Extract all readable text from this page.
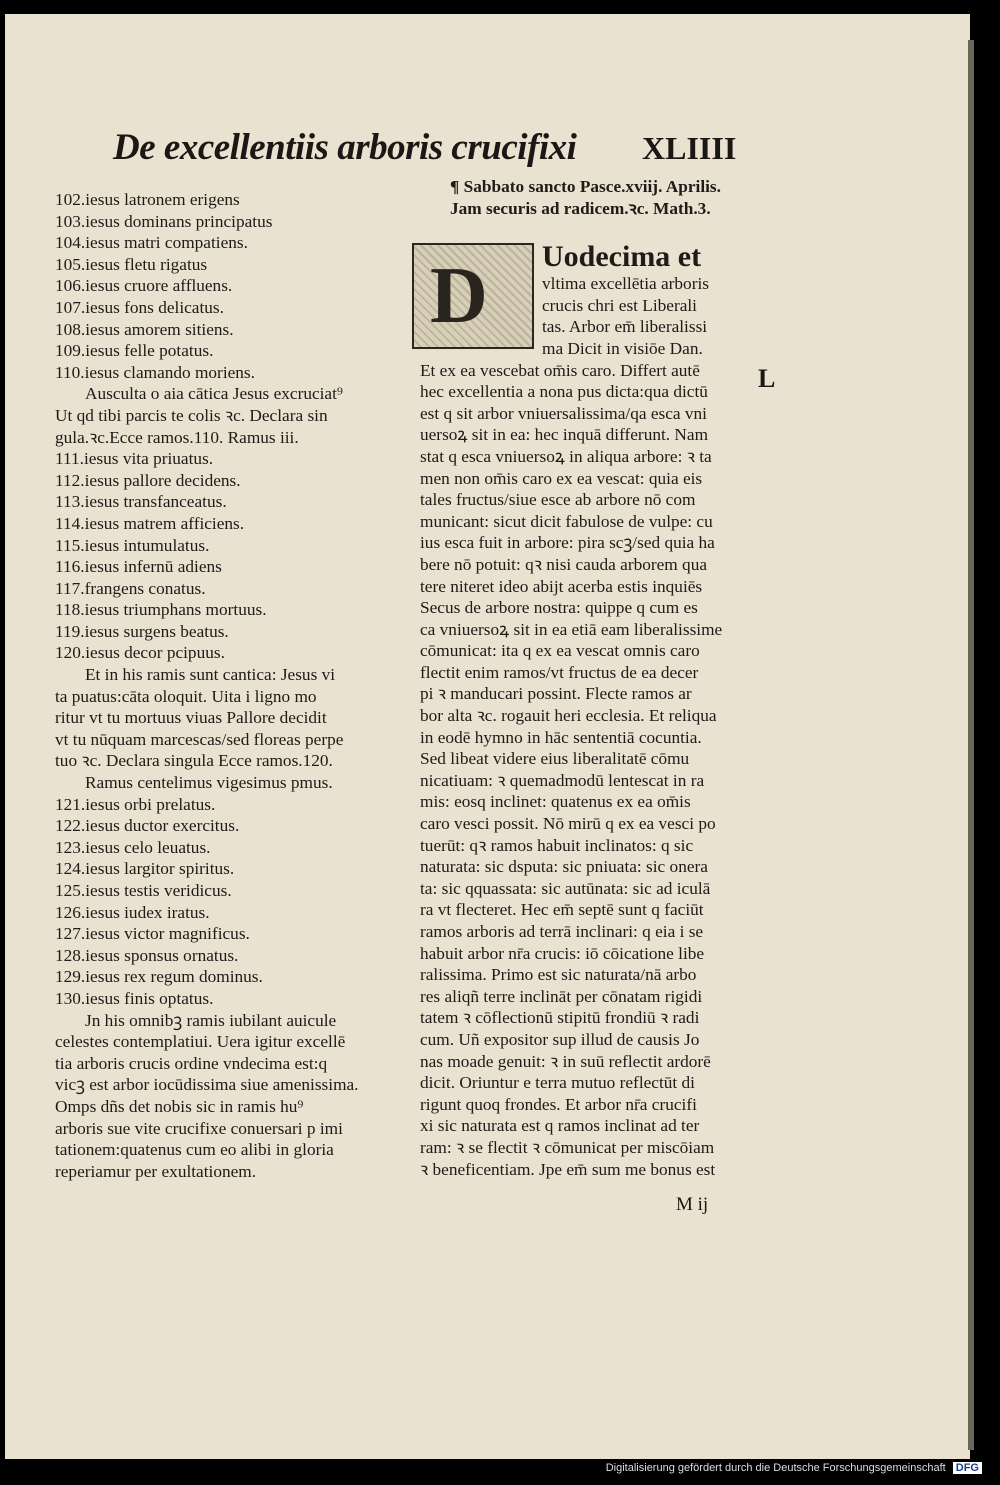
De excellentiis arboris crucifixi XLIIII
102.iesus latronem erigens
103.iesus dominans principatus
104.iesus matri compatiens.
105.iesus fletu rigatus
106.iesus cruore affluens.
107.iesus fons delicatus.
108.iesus amorem sitiens.
109.iesus felle potatus.
110.iesus clamando moriens.
Ausculta o aia cātica Jesus excruciat⁹
Ut qd tibi parcis te colis ꝛc. Declara sin
gula.ꝛc.Ecce ramos.110. Ramus iii.
111.iesus vita priuatus.
112.iesus pallore decidens.
113.iesus transfanceatus.
114.iesus matrem afficiens.
115.iesus intumulatus.
116.iesus infernū adiens
117.frangens conatus.
118.iesus triumphans mortuus.
119.iesus surgens beatus.
120.iesus decor pcipuus.
Et in his ramis sunt cantica: Jesus vi
ta puatus:cāta oloquit. Uita i ligno mo
ritur vt tu mortuus viuas Pallore decidit
vt tu nūquam marcescas/sed floreas perpe
tuo ꝛc. Declara singula Ecce ramos.120.
Ramus centelimus vigesimus pmus.
121.iesus orbi prelatus.
122.iesus ductor exercitus.
123.iesus celo leuatus.
124.iesus largitor spiritus.
125.iesus testis veridicus.
126.iesus iudex iratus.
127.iesus victor magnificus.
128.iesus sponsus ornatus.
129.iesus rex regum dominus.
130.iesus finis optatus.
Jn his omnibꝫ ramis iubilant auicule
celestes contemplatiui. Uera igitur excellē
tia arboris crucis ordine vndecima est:q
vicꝫ est arbor iocūdissima siue amenissima.
Omps dñs det nobis sic in ramis hu⁹
arboris sue vite crucifixe conuersari p imi
tationem:quatenus cum eo alibi in gloria
reperiamur per exultationem.
¶ Sabbato sancto Pasce.xviij. Aprilis.
Jam securis ad radicem.ꝛc. Math.3.
D	Uodecima et
vltima excellētia arboris
crucis chri est Liberali
tas. Arbor em̄ liberalissi
ma Dicit in visiōe Dan.
Et ex ea vescebat om̄is caro. Differt autē
hec excellentia a nona pus dicta:qua dictū
est q sit arbor vniuersalissima/qa esca vni
uersoꝝ sit in ea: hec inquā differunt. Nam
stat q esca vniuersoꝝ in aliqua arbore: ꝛ ta
men non om̄is caro ex ea vescat: quia eis
tales fructus/siue esce ab arbore nō com
municant: sicut dicit fabulose de vulpe: cu
ius esca fuit in arbore: pira scꝫ/sed quia ha
bere nō potuit: qꝛ nisi cauda arborem qua
tere niteret ideo abijt acerba estis inquiēs
Secus de arbore nostra: quippe q cum es
ca vniuersoꝝ sit in ea etiā eam liberalissime
cōmunicat: ita q ex ea vescat omnis caro
flectit enim ramos/vt fructus de ea decer
pi ꝛ manducari possint. Flecte ramos ar
bor alta ꝛc. rogauit heri ecclesia. Et reliqua
in eodē hymno in hāc sententiā cocuntia.
Sed libeat videre eius liberalitatē cōmu
nicatiuam: ꝛ quemadmodū lentescat in ra
mis: eosq inclinet: quatenus ex ea om̄is
caro vesci possit. Nō mirū q ex ea vesci po
tuerūt: qꝛ ramos habuit inclinatos: q sic
naturata: sic dsputa: sic pniuata: sic onera
ta: sic qquassata: sic autūnata: sic ad iculā
ra vt flecteret. Hec em̄ septē sunt q faciūt
ramos arboris ad terrā inclinari: q eia i se
habuit arbor nr̄a crucis: iō cōicatione libe
ralissima. Primo est sic naturata/nā arbo
res aliqñ terre inclināt per cōnatam rigidi
tatem ꝛ cōflectionū stipitū frondiū ꝛ radi
cum. Uñ expositor sup illud de causis Jo
nas moade genuit: ꝛ in suū reflectit ardorē
dicit. Oriuntur e terra mutuo reflectūt di
rigunt quoq frondes. Et arbor nr̄a crucifi
xi sic naturata est q ramos inclinat ad ter
ram: ꝛ se flectit ꝛ cōmunicat per miscōiam
ꝛ beneficentiam. Jpe em̄ sum me bonus est
L
M ij
Digitalisierung gefördert durch die Deutsche Forschungsgemeinschaft DFG
